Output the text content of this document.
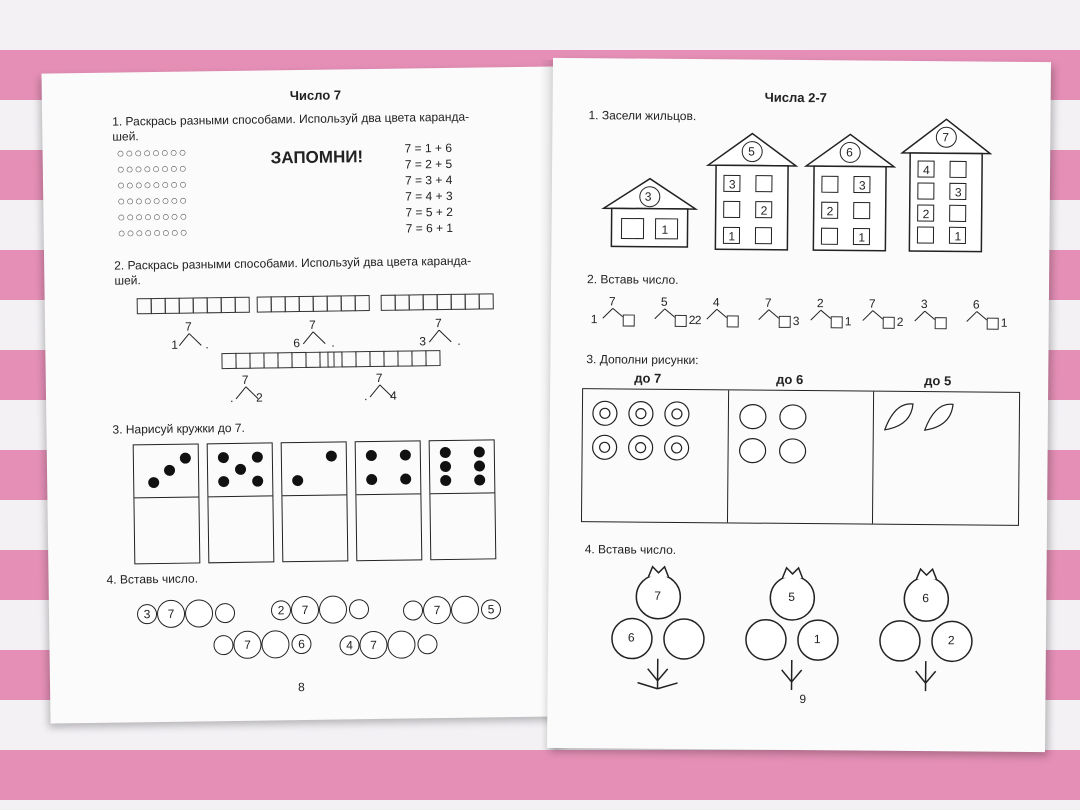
Число 7
1. Раскрась разными способами. Используй два цвета каранда-
шей.
○○○○○○○○
○○○○○○○○
○○○○○○○○
○○○○○○○○
○○○○○○○○
○○○○○○○○
ЗАПОМНИ!	7 = 1 + 6
7 = 2 + 5
7 = 3 + 4
7 = 4 + 3
7 = 5 + 2
7 = 6 + 1
2. Раскрась разными способами. Используй два цвета каранда-
шей.
7
1 .
7
6	.
7
3	.
7
. 2
7
. 4
3. Нарисуй кружки до 7.
4. Вставь число.
3	7	2	7	7	5
7	6	4	7
8
Числа 2-7
1. Засели жильцов.
3
1
5
3
2
1
6
3
2
1
7
4
3
2
1
2. Вставь число.
7
1
5
2
4
2
7
3
2
1
7
2
3	6
1
3. Дополни рисунки:
до 7	до 6	до 5
4. Вставь число.
7
6
5
1
6
2
9
